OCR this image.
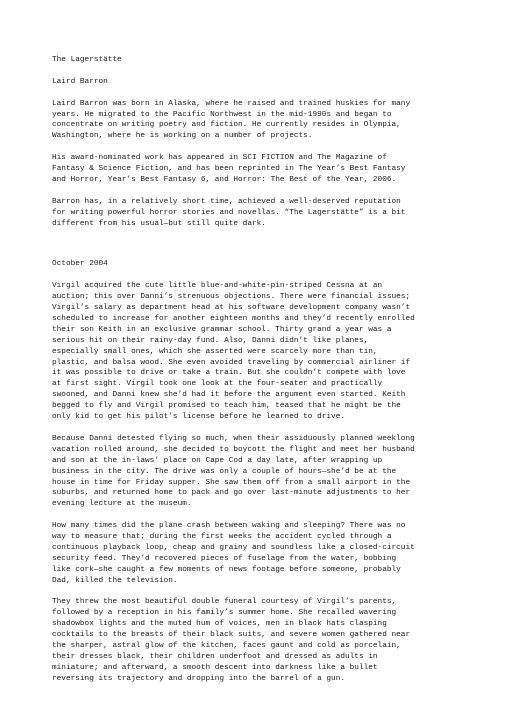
The Lagerstätte
Laird Barron
Laird Barron was born in Alaska, where he raised and trained huskies for many
years. He migrated to the Pacific Northwest in the mid-1990s and began to
concentrate on writing poetry and fiction. He currently resides in Olympia,
Washington, where he is working on a number of projects.
His award-nominated work has appeared in SCI FICTION and The Magazine of
Fantasy & Science Fiction, and has been reprinted in The Year’s Best Fantasy
and Horror, Year’s Best Fantasy 6, and Horror: The Best of the Year, 2006.
Barron has, in a relatively short time, achieved a well-deserved reputation
for writing powerful horror stories and novellas. “The Lagerstätte” is a bit
different from his usual—but still quite dark.
October 2004
Virgil acquired the cute little blue-and-white-pin-striped Cessna at an
auction; this over Danni’s strenuous objections. There were financial issues;
Virgil’s salary as department head at his software development company wasn’t
scheduled to increase for another eighteen months and they’d recently enrolled
their son Keith in an exclusive grammar school. Thirty grand a year was a
serious hit on their rainy-day fund. Also, Danni didn’t like planes,
especially small ones, which she asserted were scarcely more than tin,
plastic, and balsa wood. She even avoided traveling by commercial airliner if
it was possible to drive or take a train. But she couldn’t compete with love
at first sight. Virgil took one look at the four-seater and practically
swooned, and Danni knew she’d had it before the argument even started. Keith
begged to fly and Virgil promised to teach him, teased that he might be the
only kid to get his pilot’s license before he learned to drive.
Because Danni detested flying so much, when their assiduously planned weeklong
vacation rolled around, she decided to boycott the flight and meet her husband
and son at the in-laws’ place on Cape Cod a day late, after wrapping up
business in the city. The drive was only a couple of hours—she’d be at the
house in time for Friday supper. She saw them off from a small airport in the
suburbs, and returned home to pack and go over last-minute adjustments to her
evening lecture at the museum.
How many times did the plane crash between waking and sleeping? There was no
way to measure that; during the first weeks the accident cycled through a
continuous playback loop, cheap and grainy and soundless like a closed-circuit
security feed. They’d recovered pieces of fuselage from the water, bobbing
like cork—she caught a few moments of news footage before someone, probably
Dad, killed the television.
They threw the most beautiful double funeral courtesy of Virgil’s parents,
followed by a reception in his family’s summer home. She recalled wavering
shadowbox lights and the muted hum of voices, men in black hats clasping
cocktails to the breasts of their black suits, and severe women gathered near
the sharper, astral glow of the kitchen, faces gaunt and cold as porcelain,
their dresses black, their children underfoot and dressed as adults in
miniature; and afterward, a smooth descent into darkness like a bullet
reversing its trajectory and dropping into the barrel of a gun.
